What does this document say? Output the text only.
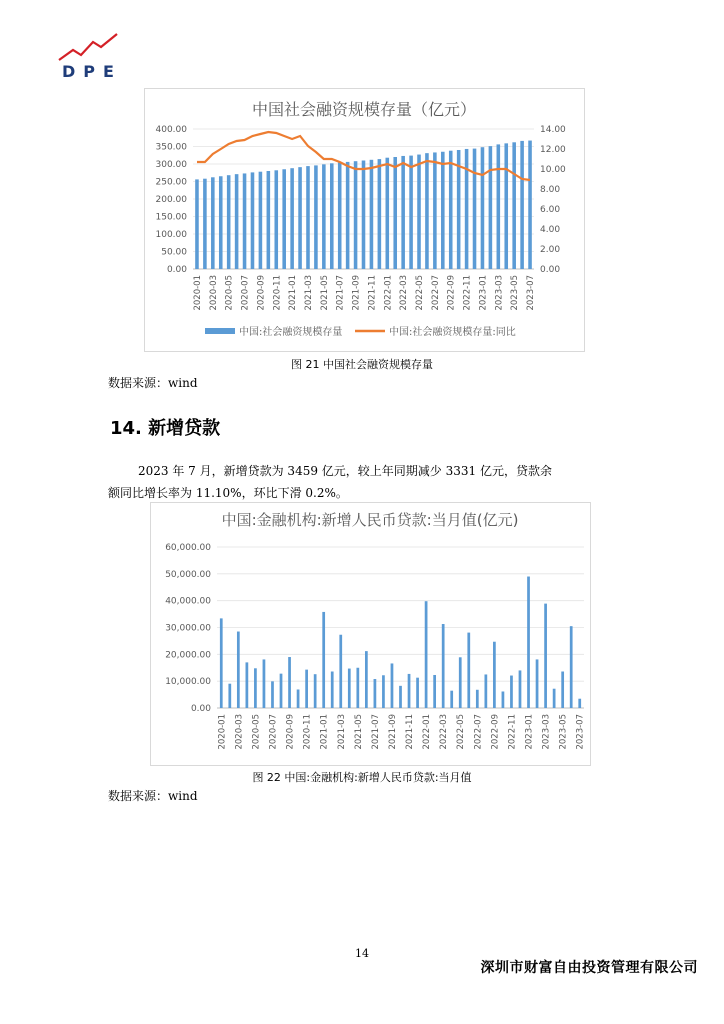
DPE
中国社会融资规模存量（亿元）
400.00
350.00
300.00
250.00
200.00
150.00
100.00
50.00
0.00
14.00
12.00
10.00
8.00
6.00
4.00
2.00
0.00
2020-01 2020-03 2020-05 2020-07 2020-09 2020-11 2021-01 2021-03 2021-05 2021-07 2021-09 2021-11 2022-01 2022-03 2022-05 2022-07 2022-09 2022-11 2023-01 2023-03 2023-05 2023-07
中国:社会融资规模存量	中国:社会融资规模存量:同比
图 21 中国社会融资规模存量
数据来源：wind
14. 新增贷款
2023 年 7 月，新增贷款为 3459 亿元，较上年同期减少 3331 亿元，贷款余
额同比增长率为 11.10%，环比下滑 0.2%。
中国:金融机构:新增人民币贷款:当月值(亿元)
60,000.00
50,000.00
40,000.00
30,000.00
20,000.00
10,000.00
0.00
2020-01 2020-03 2020-05 2020-07 2020-09 2020-11 2021-01 2021-03 2021-05 2021-07 2021-09 2021-11 2022-01 2022-03 2022-05 2022-07 2022-09 2022-11 2023-01 2023-03 2023-05 2023-07
图 22 中国:金融机构:新增人民币贷款:当月值
数据来源：wind
14
深圳市财富自由投资管理有限公司
